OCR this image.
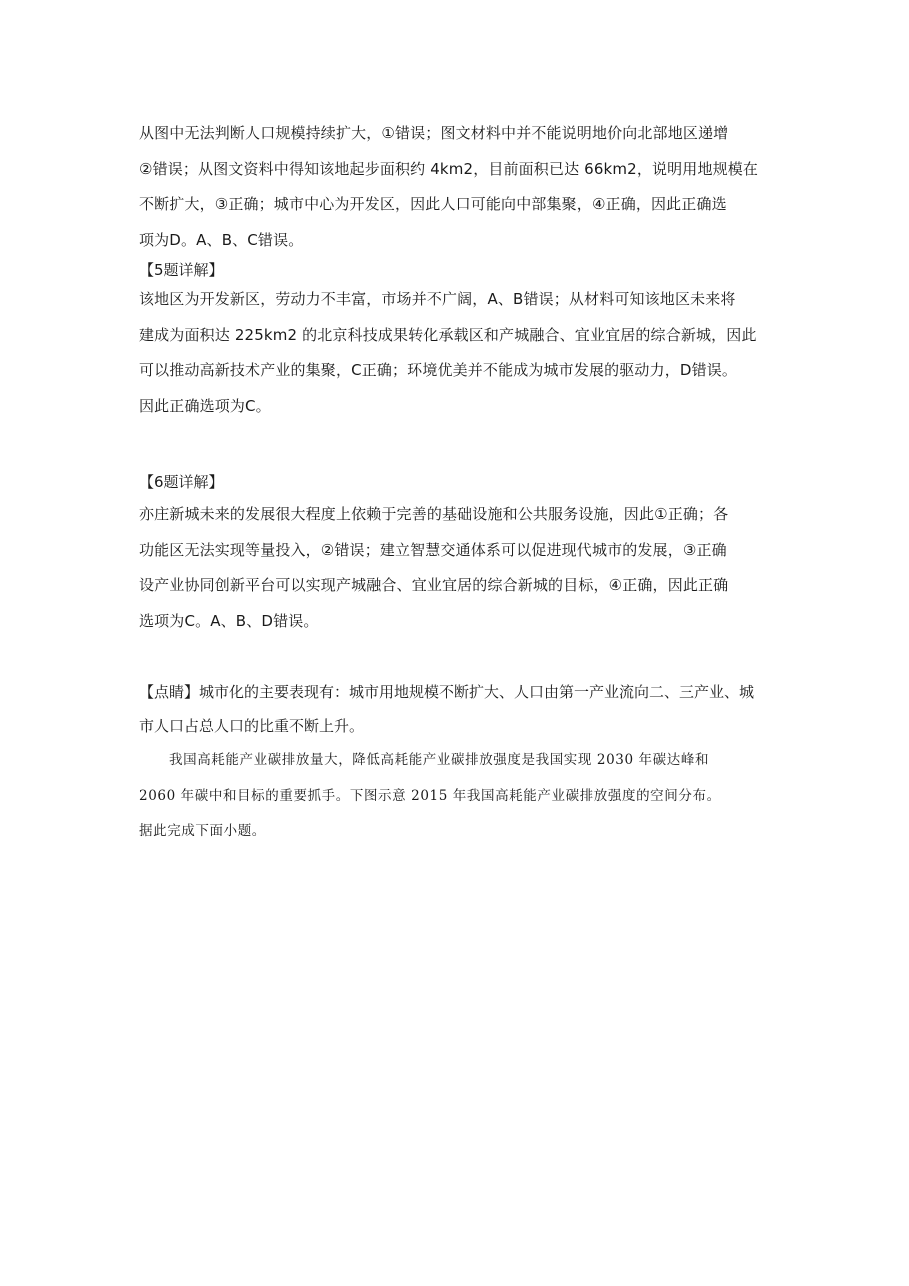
从图中无法判断人口规模持续扩大，①错误；图文材料中并不能说明地价向北部地区递增

②错误；从图文资料中得知该地起步面积约 4km2，目前面积已达 66km2，说明用地规模在

不断扩大，③正确；城市中心为开发区，因此人口可能向中部集聚，④正确，因此正确选

项为D。A、B、C错误。

【5题详解】

该地区为开发新区，劳动力不丰富，市场并不广阔，A、B错误；从材料可知该地区未来将

建成为面积达 225km2 的北京科技成果转化承载区和产城融合、宜业宜居的综合新城，因此

可以推动高新技术产业的集聚，C正确；环境优美并不能成为城市发展的驱动力，D错误。

因此正确选项为C。

【6题详解】

亦庄新城未来的发展很大程度上依赖于完善的基础设施和公共服务设施，因此①正确；各

功能区无法实现等量投入，②错误；建立智慧交通体系可以促进现代城市的发展，③正确

设产业协同创新平台可以实现产城融合、宜业宜居的综合新城的目标，④正确，因此正确

选项为C。A、B、D错误。

【点睛】城市化的主要表现有：城市用地规模不断扩大、人口由第一产业流向二、三产业、城

市人口占总人口的比重不断上升。

我国高耗能产业碳排放量大，降低高耗能产业碳排放强度是我国实现 2030 年碳达峰和

2060 年碳中和目标的重要抓手。下图示意 2015 年我国高耗能产业碳排放强度的空间分布。

据此完成下面小题。
